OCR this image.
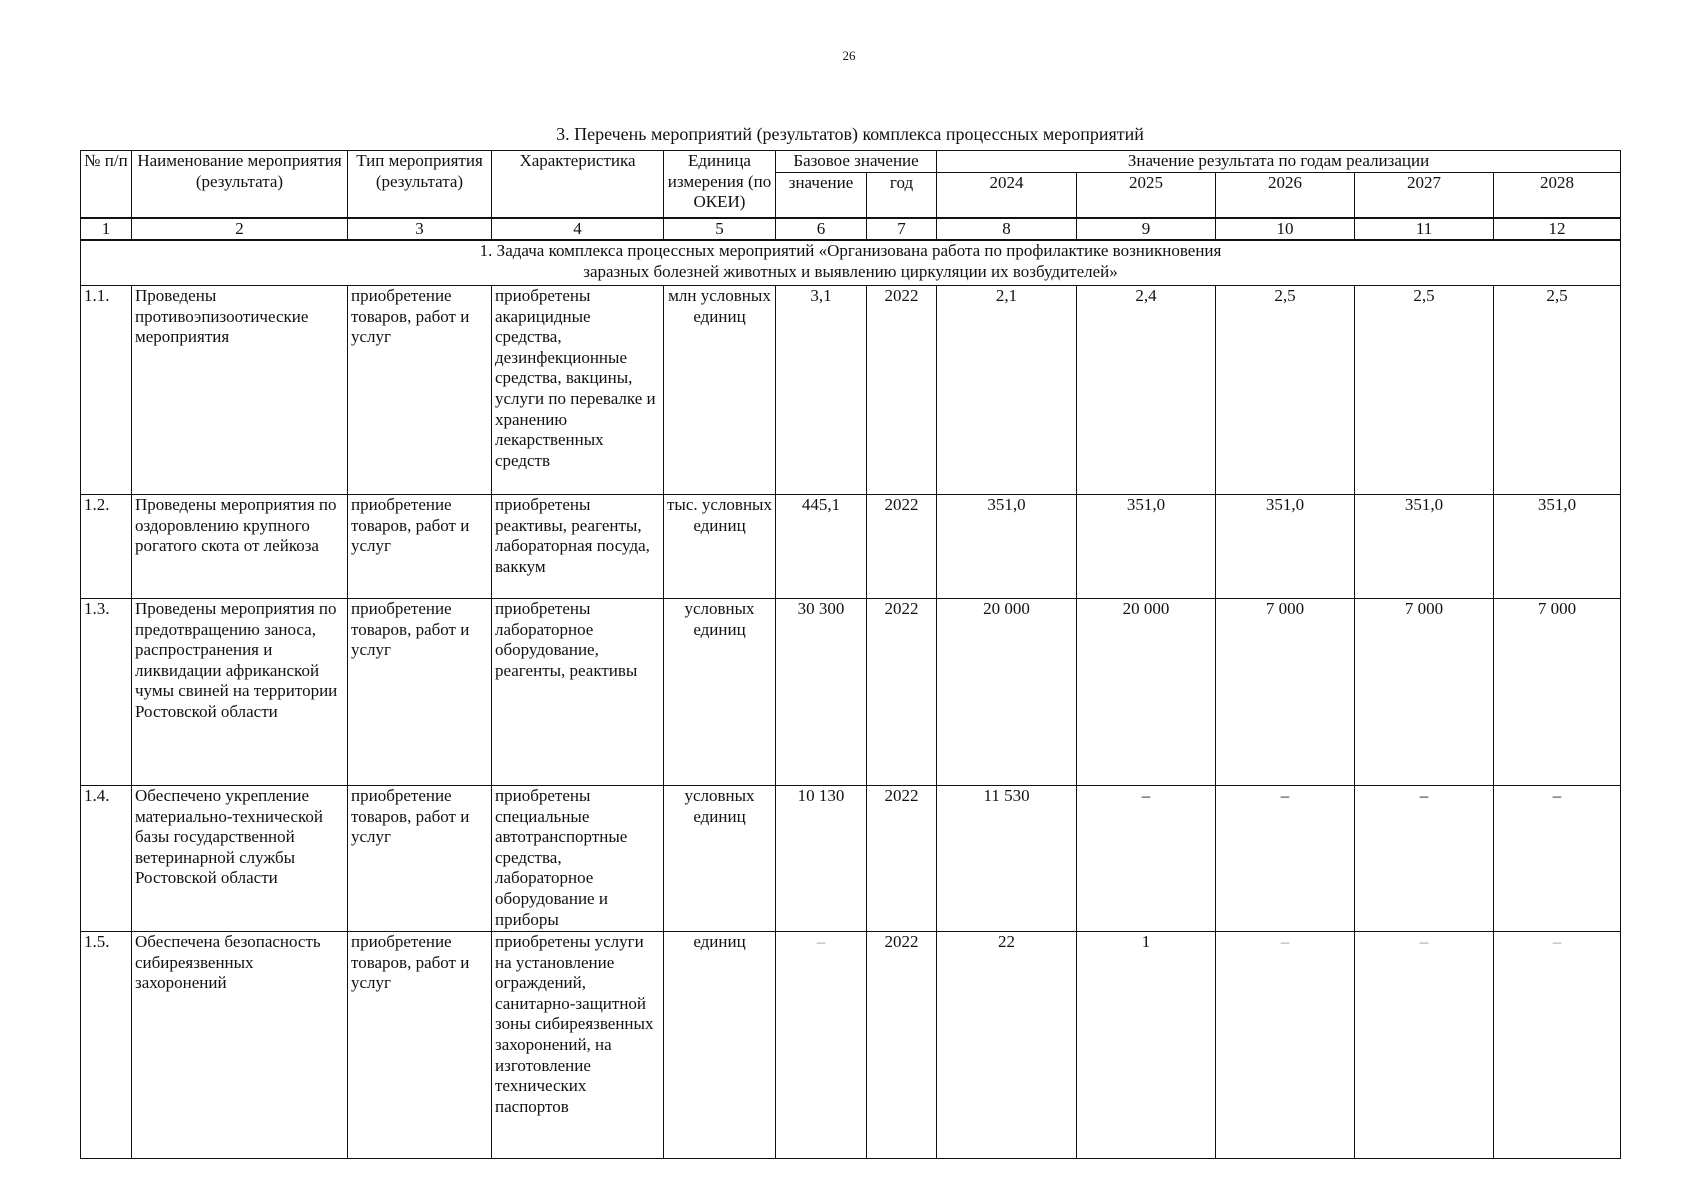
26
3. Перечень мероприятий (результатов) комплекса процессных мероприятий
№ п/п	Наименование мероприятия (результата)	Тип мероприятия (результата)	Характеристика	Единица измерения (по ОКЕИ)	Базовое значение		Значение результата по годам реализации				
					значение	год	2024	2025	2026	2027	2028
1	2	3	4	5	6	7	8	9	10	11	12

1. Задача комплекса процессных мероприятий «Организована работа по профилактике возникновения заразных болезней животных и выявлению циркуляции их возбудителей»											

1.1.	Проведены противоэпизоотические мероприятия	приобретение товаров, работ и услуг	приобретены акарицидные средства, дезинфекционные средства, вакцины, услуги по перевалке и хранению лекарственных средств	млн условных единиц	3,1	2022	2,1	2,4	2,5	2,5	2,5
1.2.	Проведены мероприятия по оздоровлению крупного рогатого скота от лейкоза	приобретение товаров, работ и услуг	приобретены реактивы, реагенты, лабораторная посуда, ваккум	тыс. условных единиц	445,1	2022	351,0	351,0	351,0	351,0	351,0
1.3.	Проведены мероприятия по предотвращению заноса, распространения и ликвидации африканской чумы свиней на территории Ростовской области	приобретение товаров, работ и услуг	приобретены лабораторное оборудование, реагенты, реактивы	условных единиц	30 300	2022	20 000	20 000	7 000	7 000	7 000
1.4.	Обеспечено укрепление материально-технической базы государственной ветеринарной службы Ростовской области	приобретение товаров, работ и услуг	приобретены специальные автотранспортные средства, лабораторное оборудование и приборы	условных единиц	10 130	2022	11 530	–	–	–	–
1.5.	Обеспечена безопасность сибиреязвенных захоронений	приобретение товаров, работ и услуг	приобретены услуги на установление ограждений, санитарно-защитной зоны сибиреязвенных захоронений, на изготовление технических паспортов	единиц	–	2022	22	1	–	–	–
